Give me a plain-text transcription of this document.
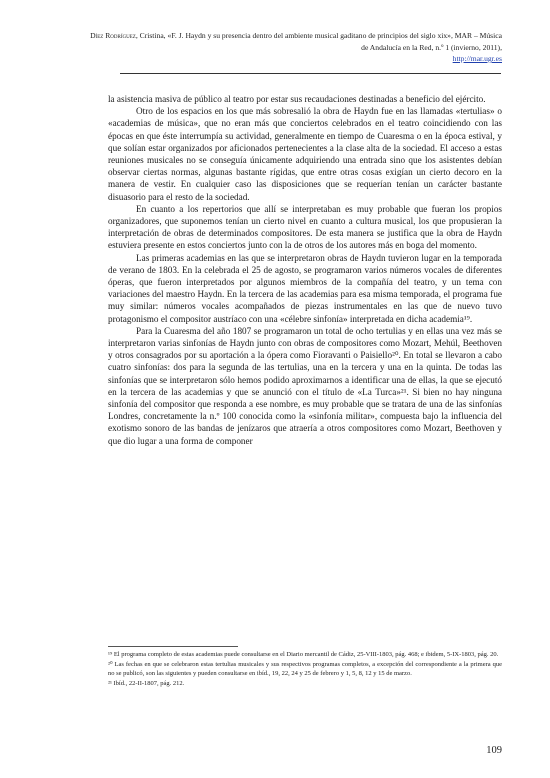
Díez Rodríguez, Cristina, «F. J. Haydn y su presencia dentro del ambiente musical gaditano de principios del siglo xix», MAR – Música de Andalucía en la Red, n.º 1 (invierno, 2011),
http://mar.ugr.es

la asistencia masiva de público al teatro por estar sus recaudaciones destinadas a beneficio del ejército.

Otro de los espacios en los que más sobresalió la obra de Haydn fue en las llamadas «tertulias» o «academias de música», que no eran más que conciertos celebrados en el teatro coincidiendo con las épocas en que éste interrumpía su actividad, generalmente en tiempo de Cuaresma o en la época estival, y que solían estar organizados por aficionados pertenecientes a la clase alta de la sociedad. El acceso a estas reuniones musicales no se conseguía únicamente adquiriendo una entrada sino que los asistentes debían observar ciertas normas, algunas bastante rígidas, que entre otras cosas exigían un cierto decoro en la manera de vestir. En cualquier caso las disposiciones que se requerían tenían un carácter bastante disuasorio para el resto de la sociedad.

En cuanto a los repertorios que allí se interpretaban es muy probable que fueran los propios organizadores, que suponemos tenían un cierto nivel en cuanto a cultura musical, los que propusieran la interpretación de obras de determinados compositores. De esta manera se justifica que la obra de Haydn estuviera presente en estos conciertos junto con la de otros de los autores más en boga del momento.

Las primeras academias en las que se interpretaron obras de Haydn tuvieron lugar en la temporada de verano de 1803. En la celebrada el 25 de agosto, se programaron varios números vocales de diferentes óperas, que fueron interpretados por algunos miembros de la compañía del teatro, y un tema con variaciones del maestro Haydn. En la tercera de las academias para esa misma temporada, el programa fue muy similar: números vocales acompañados de piezas instrumentales en las que de nuevo tuvo protagonismo el compositor austríaco con una «célebre sinfonía» interpretada en dicha academia¹⁹.

Para la Cuaresma del año 1807 se programaron un total de ocho tertulias y en ellas una vez más se interpretaron varias sinfonías de Haydn junto con obras de compositores como Mozart, Mehúl, Beethoven y otros consagrados por su aportación a la ópera como Fioravanti o Paisiello²⁰. En total se llevaron a cabo cuatro sinfonías: dos para la segunda de las tertulias, una en la tercera y una en la quinta. De todas las sinfonías que se interpretaron sólo hemos podido aproximarnos a identificar una de ellas, la que se ejecutó en la tercera de las academias y que se anunció con el título de «La Turca»²¹. Si bien no hay ninguna sinfonía del compositor que responda a ese nombre, es muy probable que se tratara de una de las sinfonías Londres, concretamente la n.º 100 conocida como la «sinfonía militar», compuesta bajo la influencia del exotismo sonoro de las bandas de jenízaros que atraería a otros compositores como Mozart, Beethoven y que dio lugar a una forma de componer

¹⁹ El programa completo de estas academias puede consultarse en el Diario mercantil de Cádiz, 25-VIII-1803, pág. 468; e ibidem, 5-IX-1803, pág. 20.

²⁰ Las fechas en que se celebraron estas tertulias musicales y sus respectivos programas completos, a excepción del correspondiente a la primera que no se publicó, son las siguientes y pueden consultarse en ibíd., 19, 22, 24 y 25 de febrero y 1, 5, 8, 12 y 15 de marzo.

²¹ Ibíd., 22-II-1807, pág. 212.

109
